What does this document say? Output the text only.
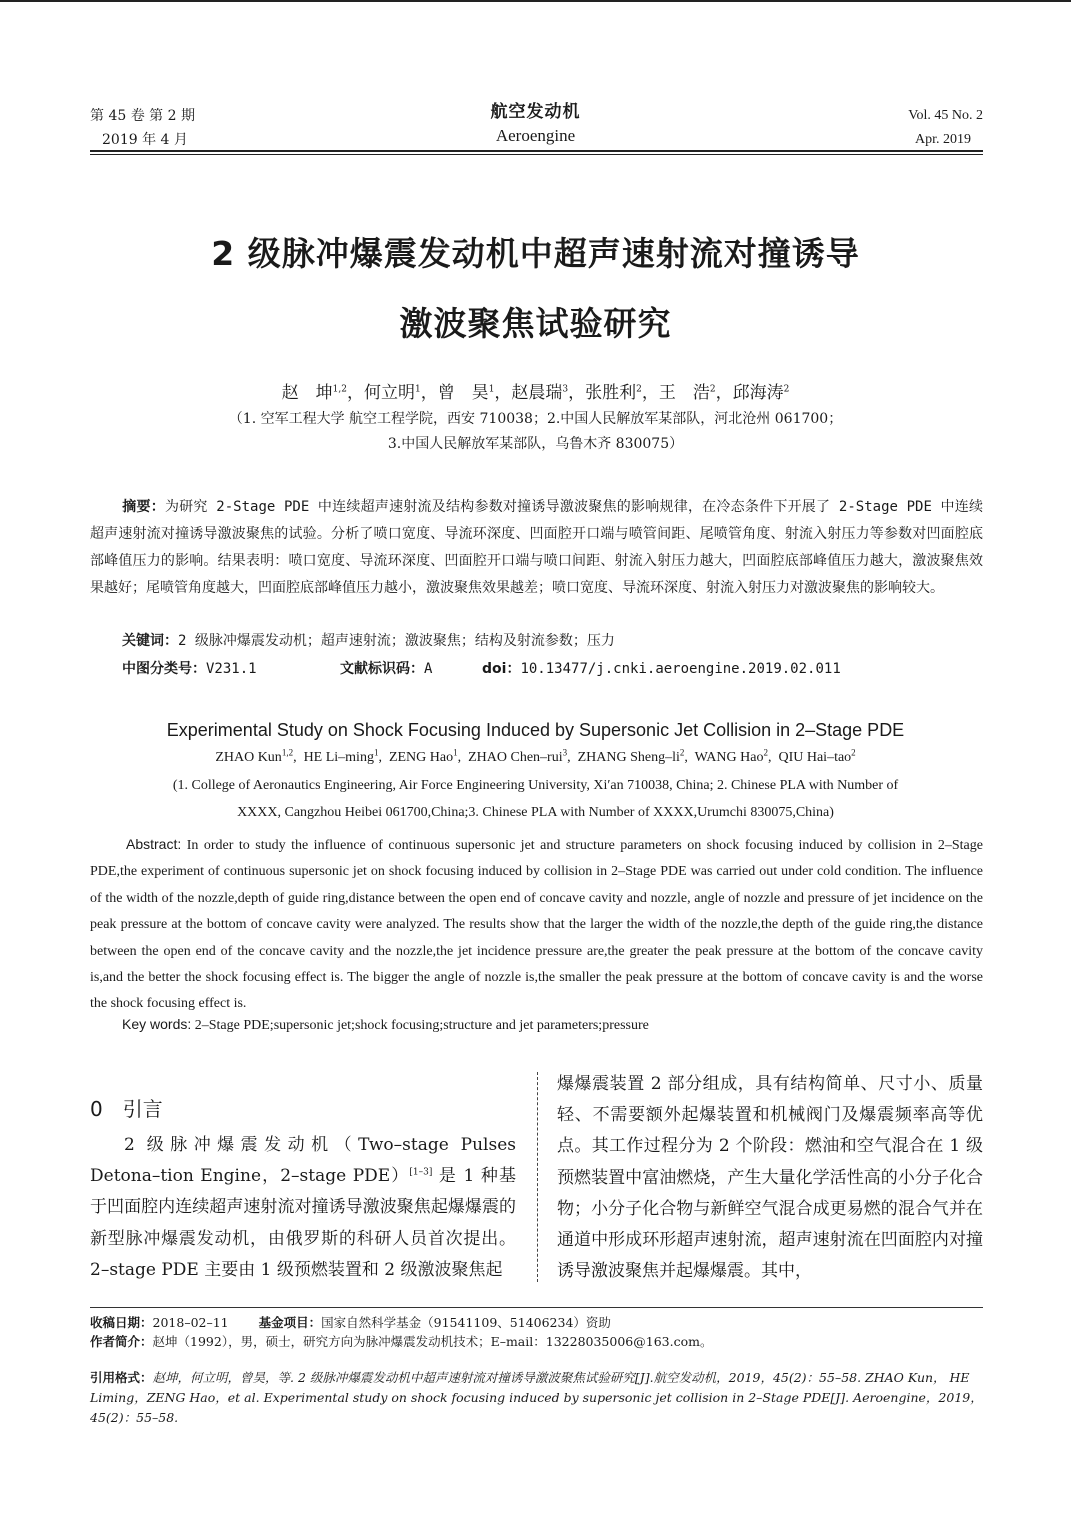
第 45 卷 第 2 期
2019 年 4 月
航空发动机
Aeroengine
Vol. 45 No. 2
Apr. 2019
2 级脉冲爆震发动机中超声速射流对撞诱导
激波聚焦试验研究
赵　坤$^{1,2}$，何立明$^1$，曾　昊$^1$，赵晨瑞$^3$，张胜利$^2$，王　浩$^2$，邱海涛$^2$
（1. 空军工程大学 航空工程学院，西安 710038；2.中国人民解放军某部队，河北沧州 061700；
3.中国人民解放军某部队，乌鲁木齐 830075）
摘要：为研究 2-Stage PDE 中连续超声速射流及结构参数对撞诱导激波聚焦的影响规律，在冷态条件下开展了 2-Stage PDE 中连续超声速射流对撞诱导激波聚焦的试验。分析了喷口宽度、导流环深度、凹面腔开口端与喷管间距、尾喷管角度、射流入射压力等参数对凹面腔底部峰值压力的影响。结果表明：喷口宽度、导流环深度、凹面腔开口端与喷口间距、射流入射压力越大，凹面腔底部峰值压力越大，激波聚焦效果越好；尾喷管角度越大，凹面腔底部峰值压力越小，激波聚焦效果越差；喷口宽度、导流环深度、射流入射压力对激波聚焦的影响较大。
关键词：2 级脉冲爆震发动机；超声速射流；激波聚焦；结构及射流参数；压力
中图分类号：V231.1	文献标识码：A	doi：10.13477/j.cnki.aeroengine.2019.02.011
Experimental Study on Shock Focusing Induced by Supersonic Jet Collision in 2–Stage PDE
ZHAO Kun$^{1,2}$,  HE Li–ming$^1$,  ZENG Hao$^1$,  ZHAO Chen–rui$^3$,  ZHANG Sheng–$li^2$,  WANG Hao$^2$,  QIU Hai–tao$^2$
(1. College of Aeronautics Engineering, Air Force Engineering University, Xi′an 710038, China; 2. Chinese PLA with Number of
XXXX, Cangzhou Heibei 061700,China;3. Chinese PLA with Number of XXXX,Urumchi 830075,China)
Abstract: In order to study the influence of continuous supersonic jet and structure parameters on shock focusing induced by collision in 2–Stage PDE,the experiment of continuous supersonic jet on shock focusing induced by collision in 2–Stage PDE was carried out under cold condition. The influence of the width of the nozzle,depth of guide ring,distance between the open end of concave cavity and nozzle, angle of nozzle and pressure of jet incidence on the peak pressure at the bottom of concave cavity were analyzed. The results show that the larger the width of the nozzle,the depth of the guide ring,the distance between the open end of the concave cavity and the nozzle,the jet incidence pressure are,the greater the peak pressure at the bottom of the concave cavity is,and the better the shock focusing effect is. The bigger the angle of nozzle is,the smaller the peak pressure at the bottom of concave cavity is and the worse the shock focusing effect is.
Key words: 2–Stage PDE;supersonic jet;shock focusing;structure and jet parameters;pressure
0　引言

2 级脉冲爆震发动机（Two–stage Pulses Detona–tion Engine，2–stage PDE）[1–3] 是 1 种基于凹面腔内连续超声速射流对撞诱导激波聚焦起爆爆震的新型脉冲爆震发动机，由俄罗斯的科研人员首次提出。2–stage PDE 主要由 1 级预燃装置和 2 级激波聚焦起

爆爆震装置 2 部分组成，具有结构简单、尺寸小、质量轻、不需要额外起爆装置和机械阀门及爆震频率高等优点。其工作过程分为 2 个阶段：燃油和空气混合在 1 级预燃装置中富油燃烧，产生大量化学活性高的小分子化合物；小分子化合物与新鲜空气混合成更易燃的混合气并在通道中形成环形超声速射流，超声速射流在凹面腔内对撞诱导激波聚焦并起爆爆震。其中，

收稿日期：2018–02–11 基金项目：国家自然科学基金（91541109、51406234）资助
作者简介：赵坤（1992），男，硕士，研究方向为脉冲爆震发动机技术；E–mail：13228035006@163.com。
引用格式：赵坤，何立明，曾昊，等. 2 级脉冲爆震发动机中超声速射流对撞诱导激波聚焦试验研究[J].航空发动机，2019，45(2)：55–58. ZHAO Kun， HE Liming，ZENG Hao，et al. Experimental study on shock focusing induced by supersonic jet collision in 2–Stage PDE[J]. Aeroengine，2019，45(2)：55–58.
